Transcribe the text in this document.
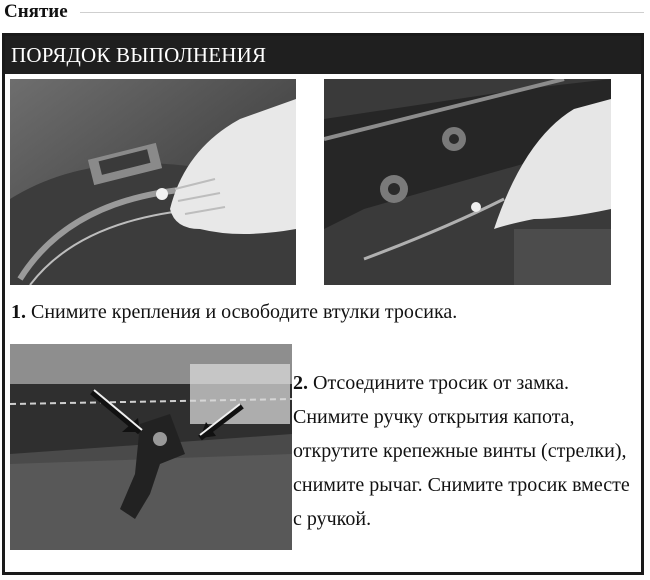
Снятие
ПОРЯДОК ВЫПОЛНЕНИЯ
1. Снимите крепления и освободите втулки тросика.
2. Отсоедините тросик от замка. Снимите ручку открытия капота, открутите крепежные винты (стрелки), снимите рычаг. Снимите тросик вместе с ручкой.
